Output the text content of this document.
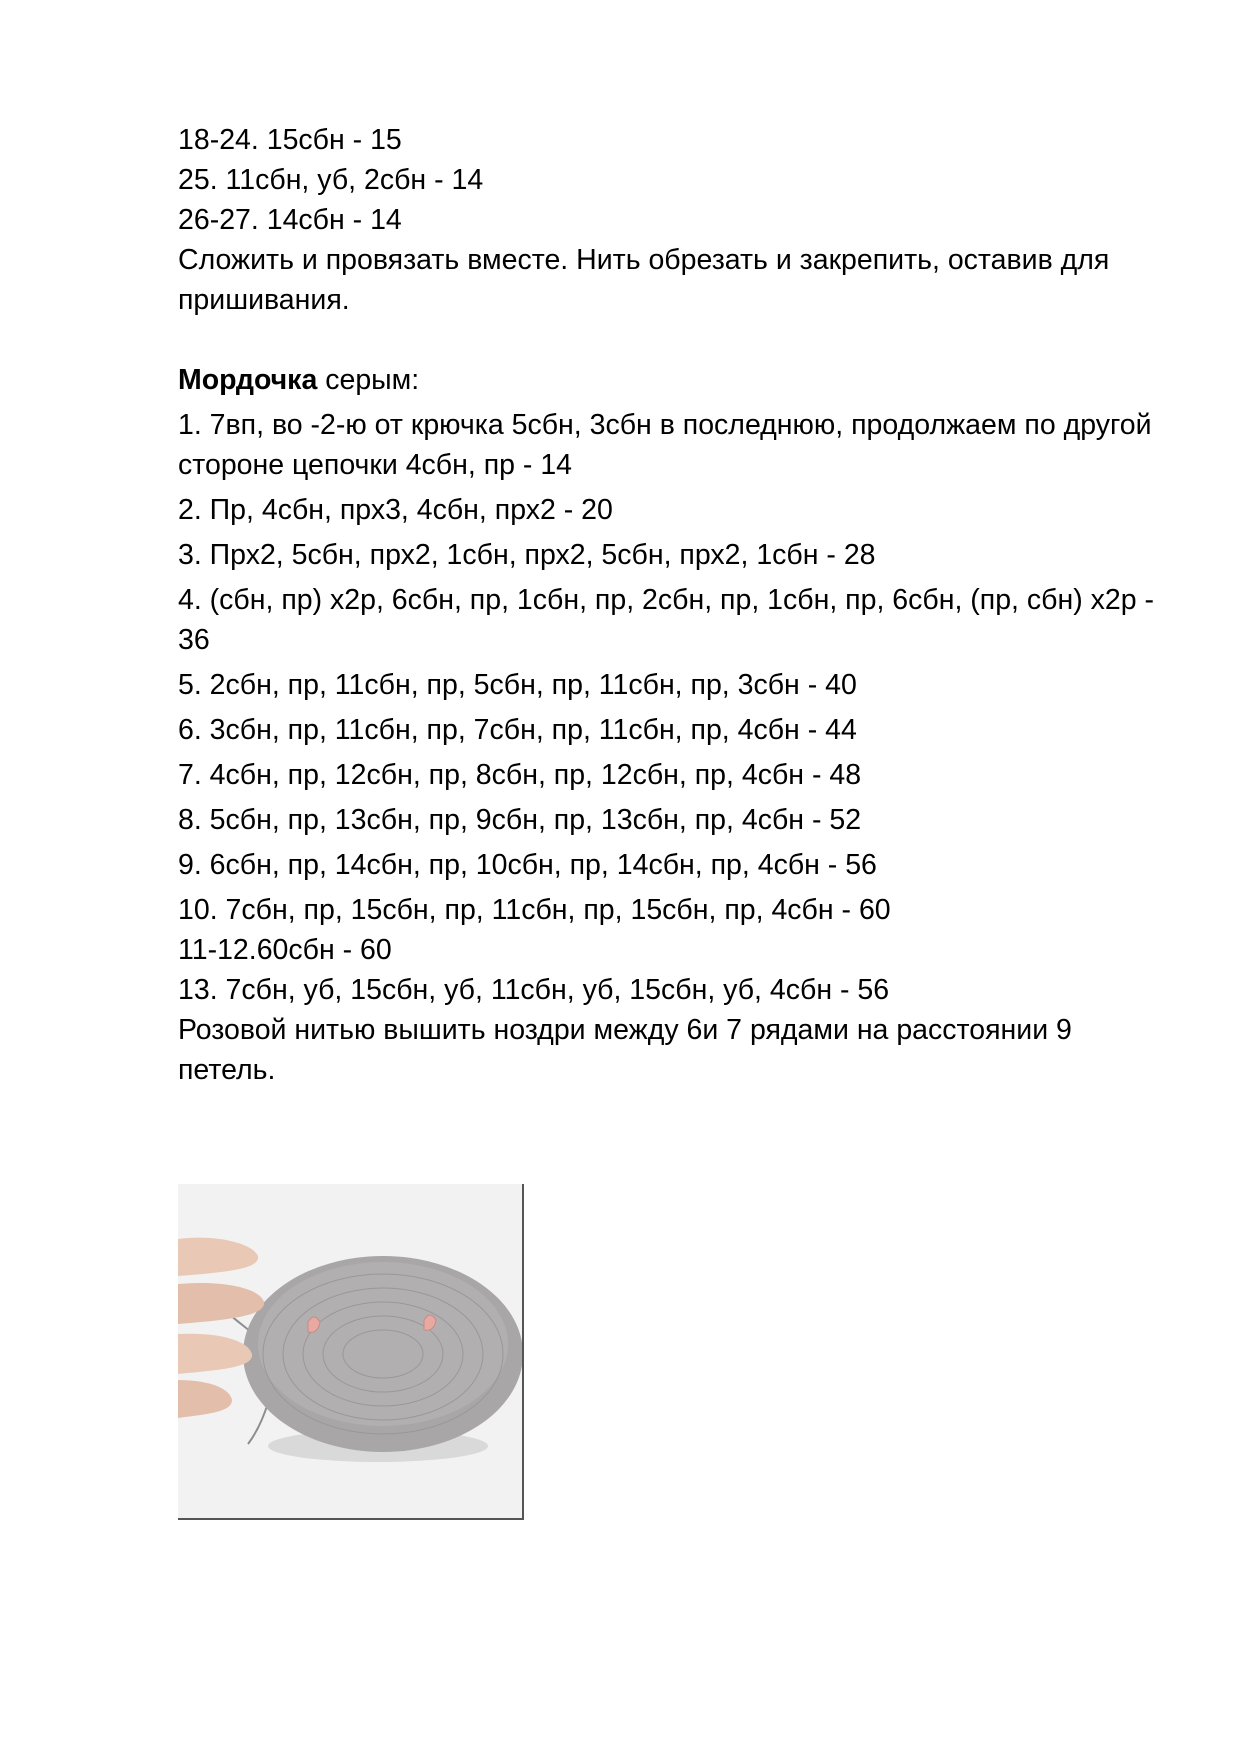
18-24. 15сбн - 15
25. 11сбн, уб, 2сбн - 14
26-27. 14сбн - 14

Сложить и провязать вместе. Нить обрезать и закрепить, оставив для пришивания.

Мордочка серым:

1. 7вп, во -2-ю от крючка 5сбн, 3сбн в последнюю, продолжаем по другой стороне цепочки 4сбн, пр - 14

2. Пр, 4сбн, прх3, 4сбн, прх2 - 20

3. Прх2, 5сбн, прх2, 1сбн, прх2, 5сбн, прх2, 1сбн - 28

4. (сбн, пр) х2р, 6сбн, пр, 1сбн, пр, 2сбн, пр, 1сбн, пр, 6сбн, (пр, сбн) х2р - 36

5. 2сбн, пр, 11сбн, пр, 5сбн, пр, 11сбн, пр, 3сбн - 40

6. 3сбн, пр, 11сбн, пр, 7сбн, пр, 11сбн, пр, 4сбн - 44

7. 4сбн, пр, 12сбн, пр, 8сбн, пр, 12сбн, пр, 4сбн - 48

8. 5сбн, пр, 13сбн, пр, 9сбн, пр, 13сбн, пр, 4сбн - 52

9. 6сбн, пр, 14сбн, пр, 10сбн, пр, 14сбн, пр, 4сбн - 56

10. 7сбн, пр, 15сбн, пр, 11сбн, пр, 15сбн, пр, 4сбн - 60

11-12.60сбн - 60
13. 7сбн, уб, 15сбн, уб, 11сбн, уб, 15сбн, уб, 4сбн - 56

Розовой нитью вышить ноздри между 6и 7 рядами на расстоянии 9 петель.
